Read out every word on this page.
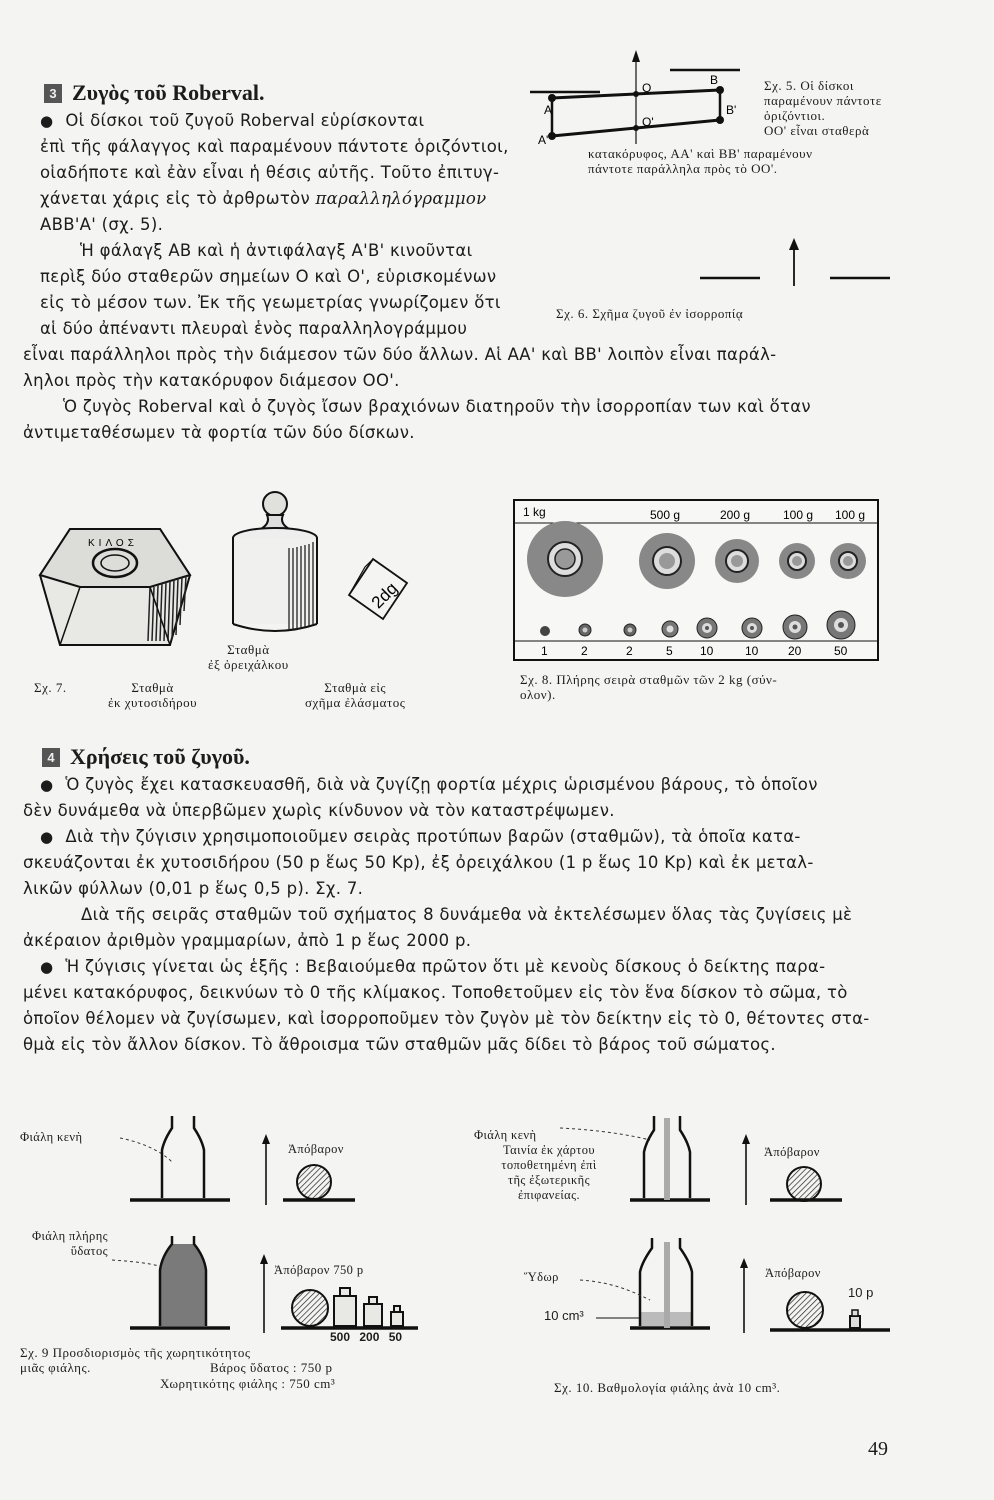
3 Ζυγὸς τοῦ Roberval.
● Οἱ δίσκοι τοῦ ζυγοῦ Roberval εὑρίσκονται
ἐπὶ τῆς φάλαγγος καὶ παραμένουν πάντοτε ὁριζόντιοι,
οἱαδήποτε καὶ ἐὰν εἶναι ἡ θέσις αὐτῆς. Τοῦτο ἐπιτυγ-
χάνεται χάρις εἰς τὸ ἀρθρωτὸν παραλληλόγραμμον
ΑΒΒ'Α' (σχ. 5).
Ἡ φάλαγξ ΑΒ καὶ ἡ ἀντιφάλαγξ Α'Β' κινοῦνται
περὶξ δύο σταθερῶν σημείων Ο καὶ Ο', εὑρισκομένων
εἰς τὸ μέσον των. Ἐκ τῆς γεωμετρίας γνωρίζομεν ὅτι
αἱ δύο ἀπέναντι πλευραὶ ἑνὸς παραλληλογράμμου
εἶναι παράλληλοι πρὸς τὴν διάμεσον τῶν δύο ἄλλων. Αἱ ΑΑ' καὶ ΒΒ' λοιπὸν εἶναι παράλ-
ληλοι πρὸς τὴν κατακόρυφον διάμεσον ΟΟ'.
Ὁ ζυγὸς Roberval καὶ ὁ ζυγὸς ἴσων βραχιόνων διατηροῦν τὴν ἰσορροπίαν των καὶ ὅταν
ἀντιμεταθέσωμεν τὰ φορτία τῶν δύο δίσκων.
A
A'
B
B'
O
O'
Σχ. 5. Οἱ δίσκοι
παραμένουν πάντοτε
ὁριζόντιοι.
ΟΟ' εἶναι σταθερὰ
κατακόρυφος, ΑΑ' καὶ ΒΒ' παραμένουν
πάντοτε παράλληλα πρὸς τὸ ΟΟ'.
Σχ. 6. Σχῆμα ζυγοῦ ἐν ἰσορροπίᾳ
ΚΙΛΟΣ
2dg
Σχ. 7.	Σταθμὰ
ἐκ χυτοσιδήρου
Σταθμὰ
ἐξ ὀρειχάλκου
Σταθμὰ εἰς
σχῆμα ἐλάσματος
1 kg	500 g	200 g	100 g 100 g
1	2	2	5 10	10 20	50
Σχ. 8. Πλήρης σειρὰ σταθμῶν τῶν 2 kg (σύν-
ολον).
4 Χρήσεις τοῦ ζυγοῦ.
● Ὁ ζυγὸς ἔχει κατασκευασθῆ, διὰ νὰ ζυγίζῃ φορτία μέχρις ὡρισμένου βάρους, τὸ ὁποῖον
δὲν δυνάμεθα νὰ ὑπερβῶμεν χωρὶς κίνδυνον νὰ τὸν καταστρέψωμεν.
● Διὰ τὴν ζύγισιν χρησιμοποιοῦμεν σειρὰς προτύπων βαρῶν (σταθμῶν), τὰ ὁποῖα κατα-
σκευάζονται ἐκ χυτοσιδήρου (50 p ἕως 50 Kp), ἐξ ὀρειχάλκου (1 p ἕως 10 Kp) καὶ ἐκ μεταλ-
λικῶν φύλλων (0,01 p ἕως 0,5 p). Σχ. 7.
Διὰ τῆς σειρᾶς σταθμῶν τοῦ σχήματος 8 δυνάμεθα νὰ ἐκτελέσωμεν ὅλας τὰς ζυγίσεις μὲ
ἀκέραιον ἀριθμὸν γραμμαρίων, ἀπὸ 1 p ἕως 2000 p.
● Ἡ ζύγισις γίνεται ὡς ἑξῆς : Βεβαιούμεθα πρῶτον ὅτι μὲ κενοὺς δίσκους ὁ δείκτης παρα-
μένει κατακόρυφος, δεικνύων τὸ 0 τῆς κλίμακος. Τοποθετοῦμεν εἰς τὸν ἕνα δίσκον τὸ σῶμα, τὸ
ὁποῖον θέλομεν νὰ ζυγίσωμεν, καὶ ἰσορροποῦμεν τὸν ζυγὸν μὲ τὸν δείκτην εἰς τὸ 0, θέτοντες στα-
θμὰ εἰς τὸν ἄλλον δίσκον. Τὸ ἄθροισμα τῶν σταθμῶν μᾶς δίδει τὸ βάρος τοῦ σώματος.
Φιάλη κενὴ
Φιάλη πλήρης
ὕδατος
Ἀπόβαρον
Ἀπόβαρον 750 p
500 200 50
Σχ. 9 Προσδιορισμὸς τῆς χωρητικότητος
μιᾶς φιάλης.	Βάρος ὕδατος : 750 p
Χωρητικότης φιάλης : 750 cm³
Φιάλη κενὴ
Ταινία ἐκ χάρτου
τοποθετημένη ἐπὶ
τῆς ἐξωτερικῆς
ἐπιφανείας.
Ἀπόβαρον
Ὕδωρ
10 cm³
Ἀπόβαρον
10 p
Σχ. 10. Βαθμολογία φιάλης ἀνὰ 10 cm³.
49
